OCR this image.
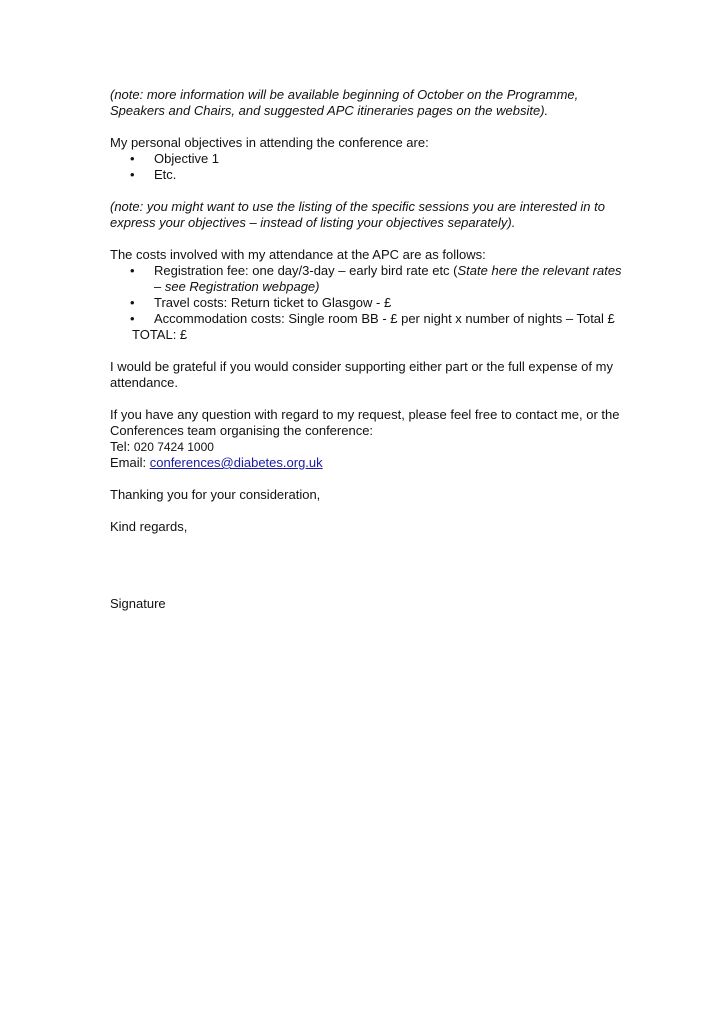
(note: more information will be available beginning of October on the Programme, Speakers and Chairs, and suggested APC itineraries pages on the website).

My personal objectives in attending the conference are:

• Objective 1
• Etc.

(note: you might want to use the listing of the specific sessions you are interested in to express your objectives – instead of listing your objectives separately).

The costs involved with my attendance at the APC are as follows:

• Registration fee: one day/3-day – early bird rate etc (State here the relevant rates – see Registration webpage)
• Travel costs: Return ticket to Glasgow - £
• Accommodation costs: Single room BB - £ per night x number of nights – Total £

TOTAL: £

I would be grateful if you would consider supporting either part or the full expense of my attendance.

If you have any question with regard to my request, please feel free to contact me, or the Conferences team organising the conference:

Tel: 020 7424 1000

Email: conferences@diabetes.org.uk

Thanking you for your consideration,

Kind regards,

Signature
